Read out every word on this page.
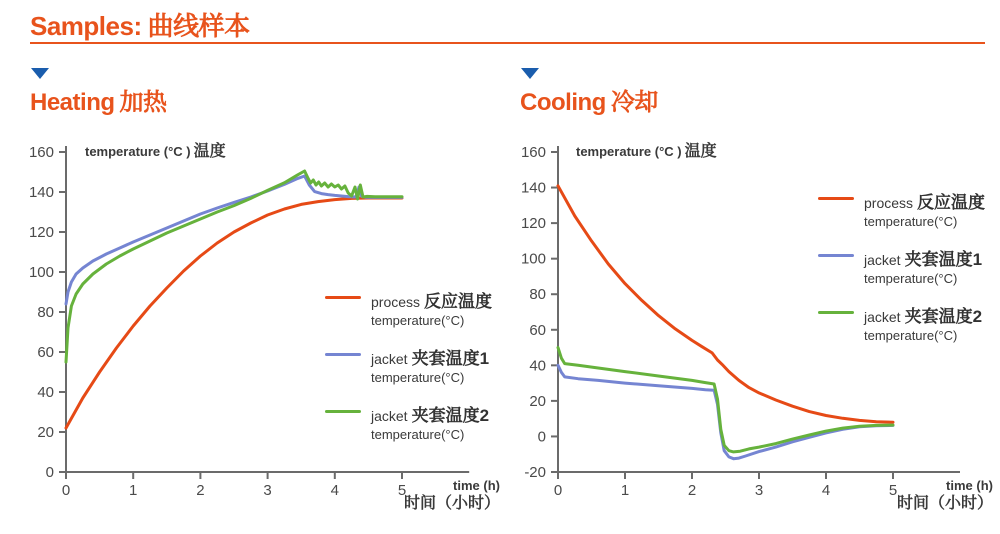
Samples: 曲线样本
Heating 加热	Cooling 冷却
temperature (°C ) 温度	temperature (°C ) 温度
0
20
40
60
80
100
120
140
160
0	1	2	3	4	5
-20
0
20
40
60
80
100
120
140
160
0	1	2	3	4	5
time (h)
时间（小时）
time (h)
时间（小时）
process 反应温度
temperature(°C)
jacket 夹套温度1
temperature(°C)
jacket 夹套温度2
temperature(°C)
process 反应温度
temperature(°C)
jacket 夹套温度1
temperature(°C)
jacket 夹套温度2
temperature(°C)
